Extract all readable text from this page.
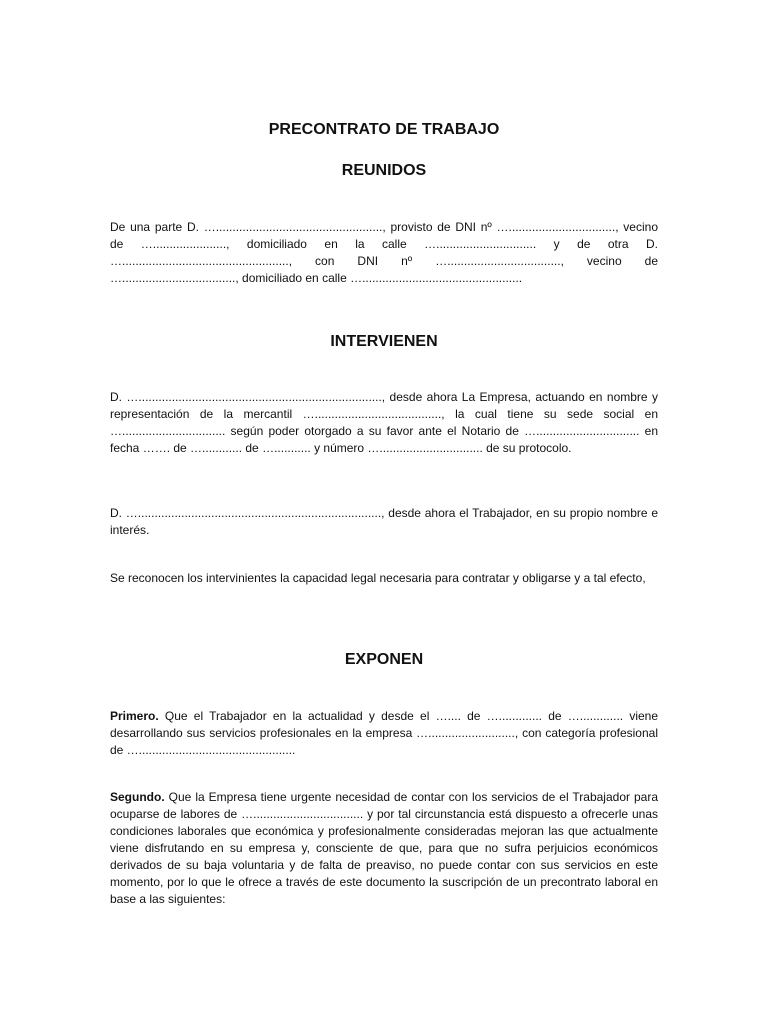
PRECONTRATO DE TRABAJO
REUNIDOS

De una parte D. ….................................................., provisto de DNI nº …................................, vecino de …......................, domiciliado en la calle ….............................. y de otra D. ….................................................., con DNI nº ….................................., vecino de ….................................., domiciliado en calle …................................................

INTERVIENEN

D. …........................................................................., desde ahora La Empresa, actuando en nombre y representación de la mercantil …......................................, la cual tiene su sede social en …............................... según poder otorgado a su favor ante el Notario de …............................... en fecha ……. de …............ de …........... y número …............................... de su protocolo.

D. …........................................................................., desde ahora el Trabajador, en su propio nombre e interés.

Se reconocen los intervinientes la capacidad legal necesaria para contratar y obligarse y a tal efecto,

EXPONEN

Primero. Que el Trabajador en la actualidad y desde el ….... de …............. de …............. viene desarrollando sus servicios profesionales en la empresa ….........................., con categoría profesional de …...............................................

Segundo. Que la Empresa tiene urgente necesidad de contar con los servicios de el Trabajador para ocuparse de labores de …................................. y por tal circunstancia está dispuesto a ofrecerle unas condiciones laborales que económica y profesionalmente consideradas mejoran las que actualmente viene disfrutando en su empresa y, consciente de que, para que no sufra perjuicios económicos derivados de su baja voluntaria y de falta de preaviso, no puede contar con sus servicios en este momento, por lo que le ofrece a través de este documento la suscripción de un precontrato laboral en base a las siguientes:
